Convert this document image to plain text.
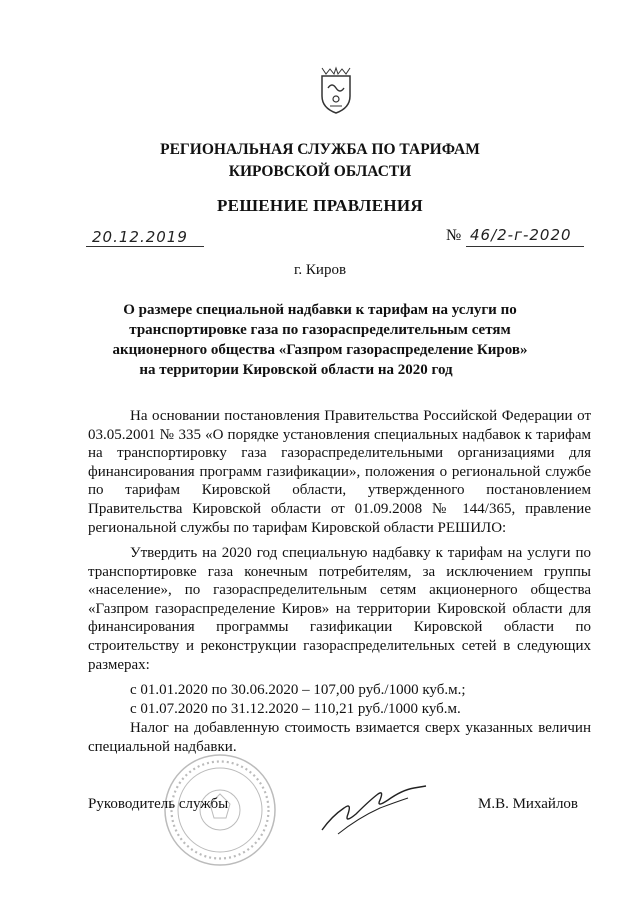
РЕГИОНАЛЬНАЯ СЛУЖБА ПО ТАРИФАМ
КИРОВСКОЙ ОБЛАСТИ
РЕШЕНИЕ ПРАВЛЕНИЯ
20.12.2019	№ 46/2-г-2020
г. Киров
О размере специальной надбавки к тарифам на услуги по
транспортировке газа по газораспределительным сетям
акционерного общества «Газпром газораспределение Киров»
на территории Кировской области на 2020 год
На основании постановления Правительства Российской Федерации от 03.05.2001 № 335 «О порядке установления специальных надбавок к тарифам на транспортировку газа газораспределительными организациями для финансирования программ газификации», положения о региональной службе по тарифам Кировской области, утвержденного постановлением Правительства Кировской области от 01.09.2008 № 144/365, правление региональной службы по тарифам Кировской области РЕШИЛО:
Утвердить на 2020 год специальную надбавку к тарифам на услуги по транспортировке газа конечным потребителям, за исключением группы «население», по газораспределительным сетям акционерного общества «Газпром газораспределение Киров» на территории Кировской области для финансирования программы газификации Кировской области по строительству и реконструкции газораспределительных сетей в следующих размерах:
с 01.01.2020 по 30.06.2020 – 107,00 руб./1000 куб.м.;
с 01.07.2020 по 31.12.2020 – 110,21 руб./1000 куб.м.
Налог на добавленную стоимость взимается сверх указанных величин специальной надбавки.
Руководитель службы	М.В. Михайлов
